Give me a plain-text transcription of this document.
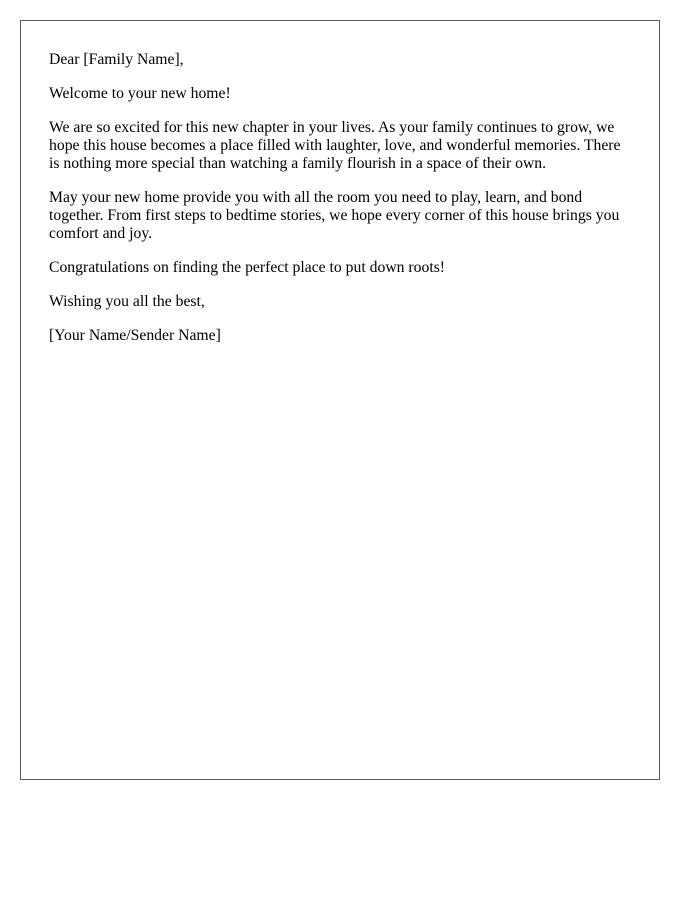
Dear [Family Name],

Welcome to your new home!

We are so excited for this new chapter in your lives. As your family continues to grow, we hope this house becomes a place filled with laughter, love, and wonderful memories. There is nothing more special than watching a family flourish in a space of their own.

May your new home provide you with all the room you need to play, learn, and bond together. From first steps to bedtime stories, we hope every corner of this house brings you comfort and joy.

Congratulations on finding the perfect place to put down roots!

Wishing you all the best,

[Your Name/Sender Name]
